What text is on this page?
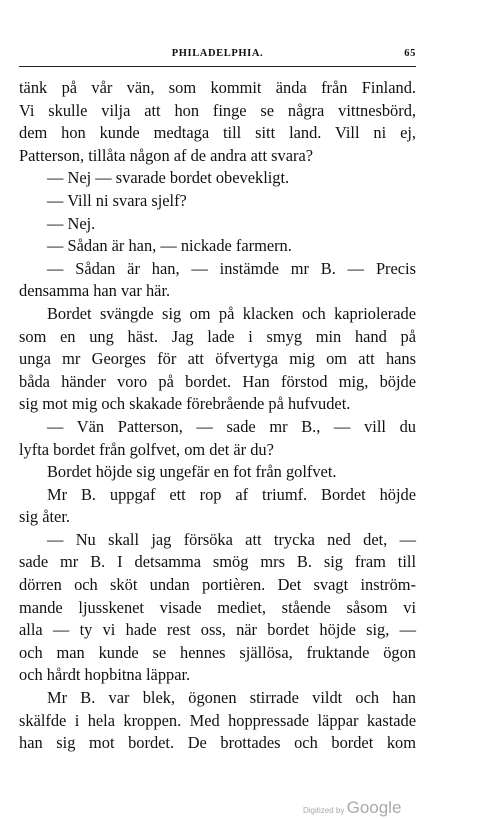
PHILADELPHIA.	65
tänk på vår vän, som kommit ända från Finland.
Vi skulle vilja att hon finge se några vittnesbörd,
dem hon kunde medtaga till sitt land. Vill ni ej,
Patterson, tillåta någon af de andra att svara?
— Nej — svarade bordet obevekligt.
— Vill ni svara sjelf?
— Nej.
— Sådan är han, — nickade farmern.
— Sådan är han, — instämde mr B. — Precis
densamma han var här.
Bordet svängde sig om på klacken och kapriolerade
som en ung häst. Jag lade i smyg min hand på
unga mr Georges för att öfvertyga mig om att hans
båda händer voro på bordet. Han förstod mig, böjde
sig mot mig och skakade förebrående på hufvudet.
— Vän Patterson, — sade mr B., — vill du
lyfta bordet från golfvet, om det är du?
Bordet höjde sig ungefär en fot från golfvet.
Mr B. uppgaf ett rop af triumf. Bordet höjde
sig åter.
— Nu skall jag försöka att trycka ned det, —
sade mr B. I detsamma smög mrs B. sig fram till
dörren och sköt undan portièren. Det svagt inström-
mande ljusskenet visade mediet, stående såsom vi
alla — ty vi hade rest oss, när bordet höjde sig, —
och man kunde se hennes själlösa, fruktande ögon
och hårdt hopbitna läppar.
Mr B. var blek, ögonen stirrade vildt och han
skälfde i hela kroppen. Med hoppressade läppar kastade
han sig mot bordet. De brottades och bordet kom
Digitized by Google
